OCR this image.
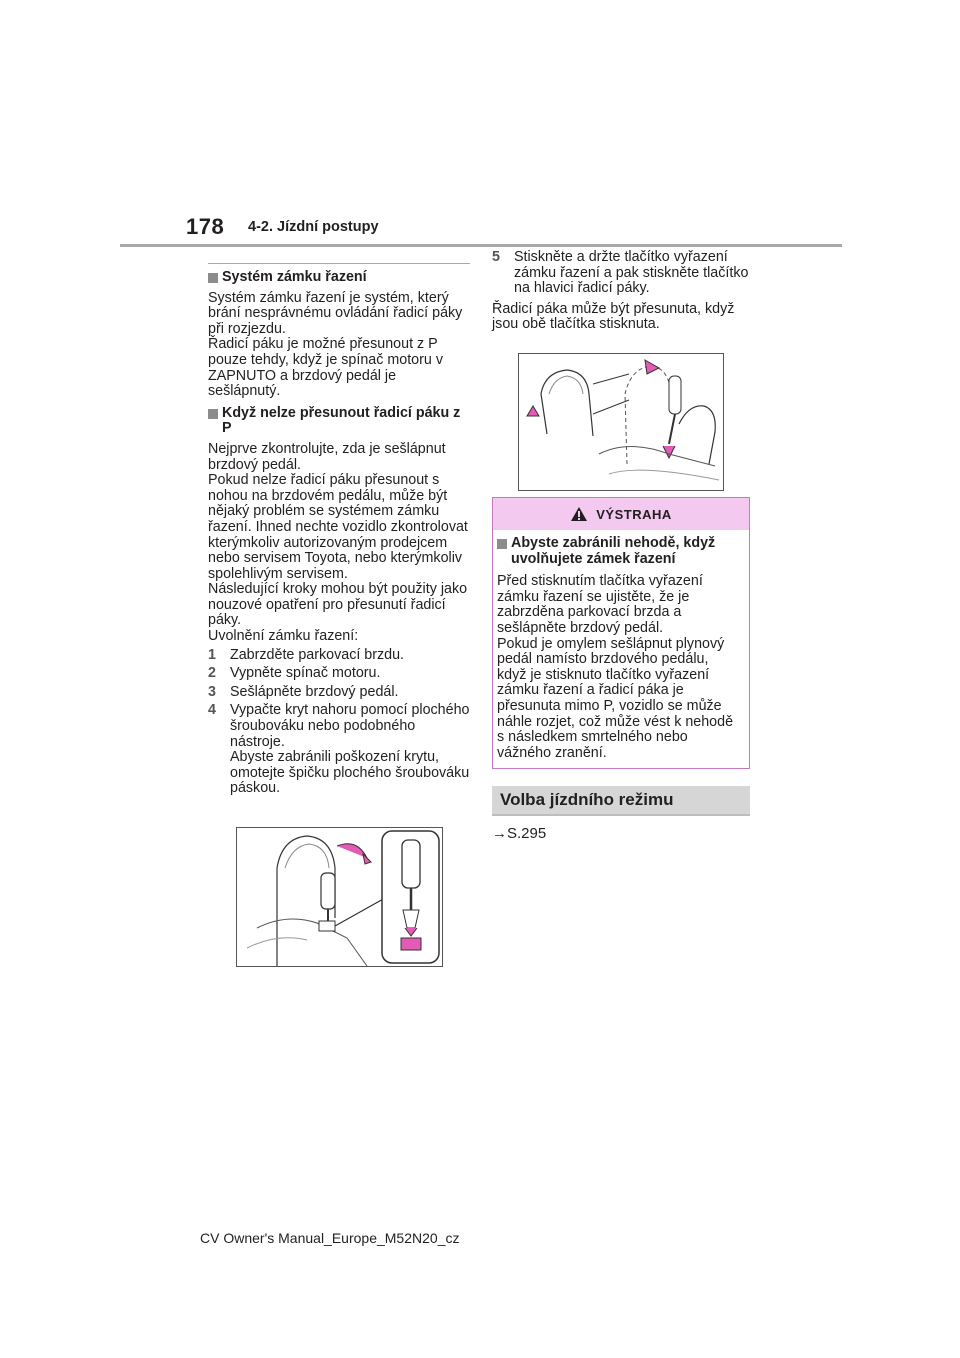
178 4-2. Jízdní postupy
Systém zámku řazení

Systém zámku řazení je systém, který brání nesprávnému ovládání řadicí páky při rozjezdu.

Řadicí páku je možné přesunout z P pouze tehdy, když je spínač motoru v ZAPNUTO a brzdový pedál je sešlápnutý.

Když nelze přesunout řadicí páku z P

Nejprve zkontrolujte, zda je sešlápnut brzdový pedál.

Pokud nelze řadicí páku přesunout s nohou na brzdovém pedálu, může být nějaký problém se systémem zámku řazení. Ihned nechte vozidlo zkontrolovat kterýmkoliv autorizovaným prodejcem nebo servisem Toyota, nebo kterýmkoliv spolehlivým servisem.

Následující kroky mohou být použity jako nouzové opatření pro přesunutí řadicí páky.

Uvolnění zámku řazení:

1 Zabrzděte parkovací brzdu.
2 Vypněte spínač motoru.
3 Sešlápněte brzdový pedál.
4 Vypačte kryt nahoru pomocí plochého šroubováku nebo podobného nástroje.
Abyste zabránili poškození krytu, omotejte špičku plochého šroubováku páskou.
5 Stiskněte a držte tlačítko vyřazení zámku řazení a pak stiskněte tlačítko na hlavici řadicí páky.

Řadicí páka může být přesunuta, když jsou obě tlačítka stisknuta.

VÝSTRAHA
Abyste zabránili nehodě, když uvolňujete zámek řazení

Před stisknutím tlačítka vyřazení zámku řazení se ujistěte, že je zabrzděna parkovací brzda a sešlápněte brzdový pedál.

Pokud je omylem sešlápnut plynový pedál namísto brzdového pedálu, když je stisknuto tlačítko vyřazení zámku řazení a řadicí páka je přesunuta mimo P, vozidlo se může náhle rozjet, což může vést k nehodě s následkem smrtelného nebo vážného zranění.

Volba jízdního režimu
→S.295
CV Owner's Manual_Europe_M52N20_cz
